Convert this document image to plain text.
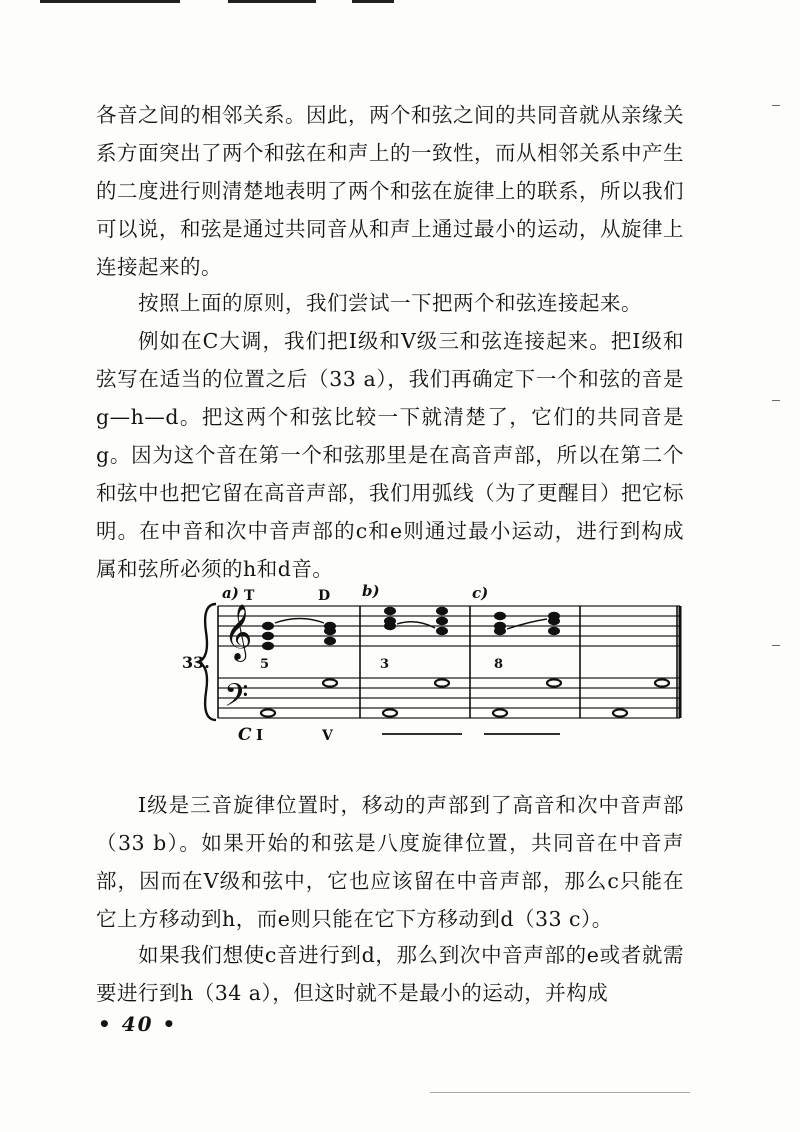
各音之间的相邻关系。因此，两个和弦之间的共同音就从亲缘关系方面突出了两个和弦在和声上的一致性，而从相邻关系中产生的二度进行则清楚地表明了两个和弦在旋律上的联系，所以我们可以说，和弦是通过共同音从和声上通过最小的运动，从旋律上连接起来的。

按照上面的原则，我们尝试一下把两个和弦连接起来。

例如在C大调，我们把Ⅰ级和Ⅴ级三和弦连接起来。把Ⅰ级和弦写在适当的位置之后（33 a），我们再确定下一个和弦的音是g—h—d。把这两个和弦比较一下就清楚了，它们的共同音是g。因为这个音在第一个和弦那里是在高音声部，所以在第二个和弦中也把它留在高音声部，我们用弧线（为了更醒目）把它标明。在中音和次中音声部的c和e则通过最小运动，进行到构成属和弦所必须的h和d音。

𝄞
𝄢
a) T	D b)	c)
33.	5	3	8
C I	V

Ⅰ级是三音旋律位置时，移动的声部到了高音和次中音声部（33 b）。如果开始的和弦是八度旋律位置，共同音在中音声部，因而在Ⅴ级和弦中，它也应该留在中音声部，那么c只能在它上方移动到h，而e则只能在它下方移动到d（33 c）。

如果我们想使c音进行到d，那么到次中音声部的e或者就需要进行到h（34 a），但这时就不是最小的运动，并构成

• 40 •
